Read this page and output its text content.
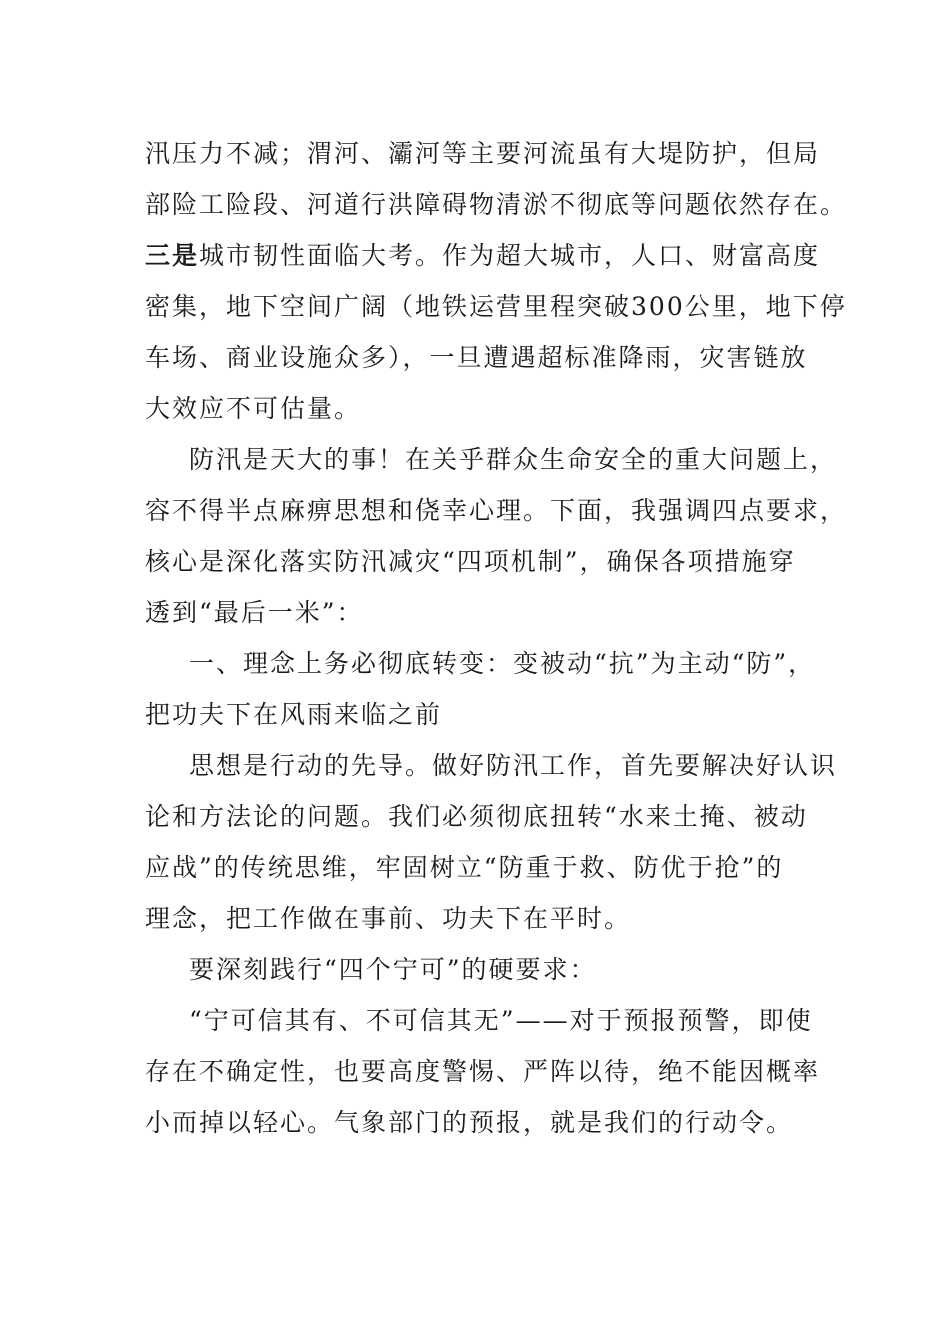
汛压力不减；渭河、灞河等主要河流虽有大堤防护，但局
部险工险段、河道行洪障碍物清淤不彻底等问题依然存在。
三是城市韧性面临大考。作为超大城市，人口、财富高度
密集，地下空间广阔（地铁运营里程突破300公里，地下停
车场、商业设施众多），一旦遭遇超标准降雨，灾害链放
大效应不可估量。
防汛是天大的事！在关乎群众生命安全的重大问题上，
容不得半点麻痹思想和侥幸心理。下面，我强调四点要求，
核心是深化落实防汛减灾“四项机制”，确保各项措施穿
透到“最后一米”：
一、理念上务必彻底转变：变被动“抗”为主动“防”，
把功夫下在风雨来临之前
思想是行动的先导。做好防汛工作，首先要解决好认识
论和方法论的问题。我们必须彻底扭转“水来土掩、被动
应战”的传统思维，牢固树立“防重于救、防优于抢”的
理念，把工作做在事前、功夫下在平时。
要深刻践行“四个宁可”的硬要求：
“宁可信其有、不可信其无”——对于预报预警，即使
存在不确定性，也要高度警惕、严阵以待，绝不能因概率
小而掉以轻心。气象部门的预报，就是我们的行动令。
